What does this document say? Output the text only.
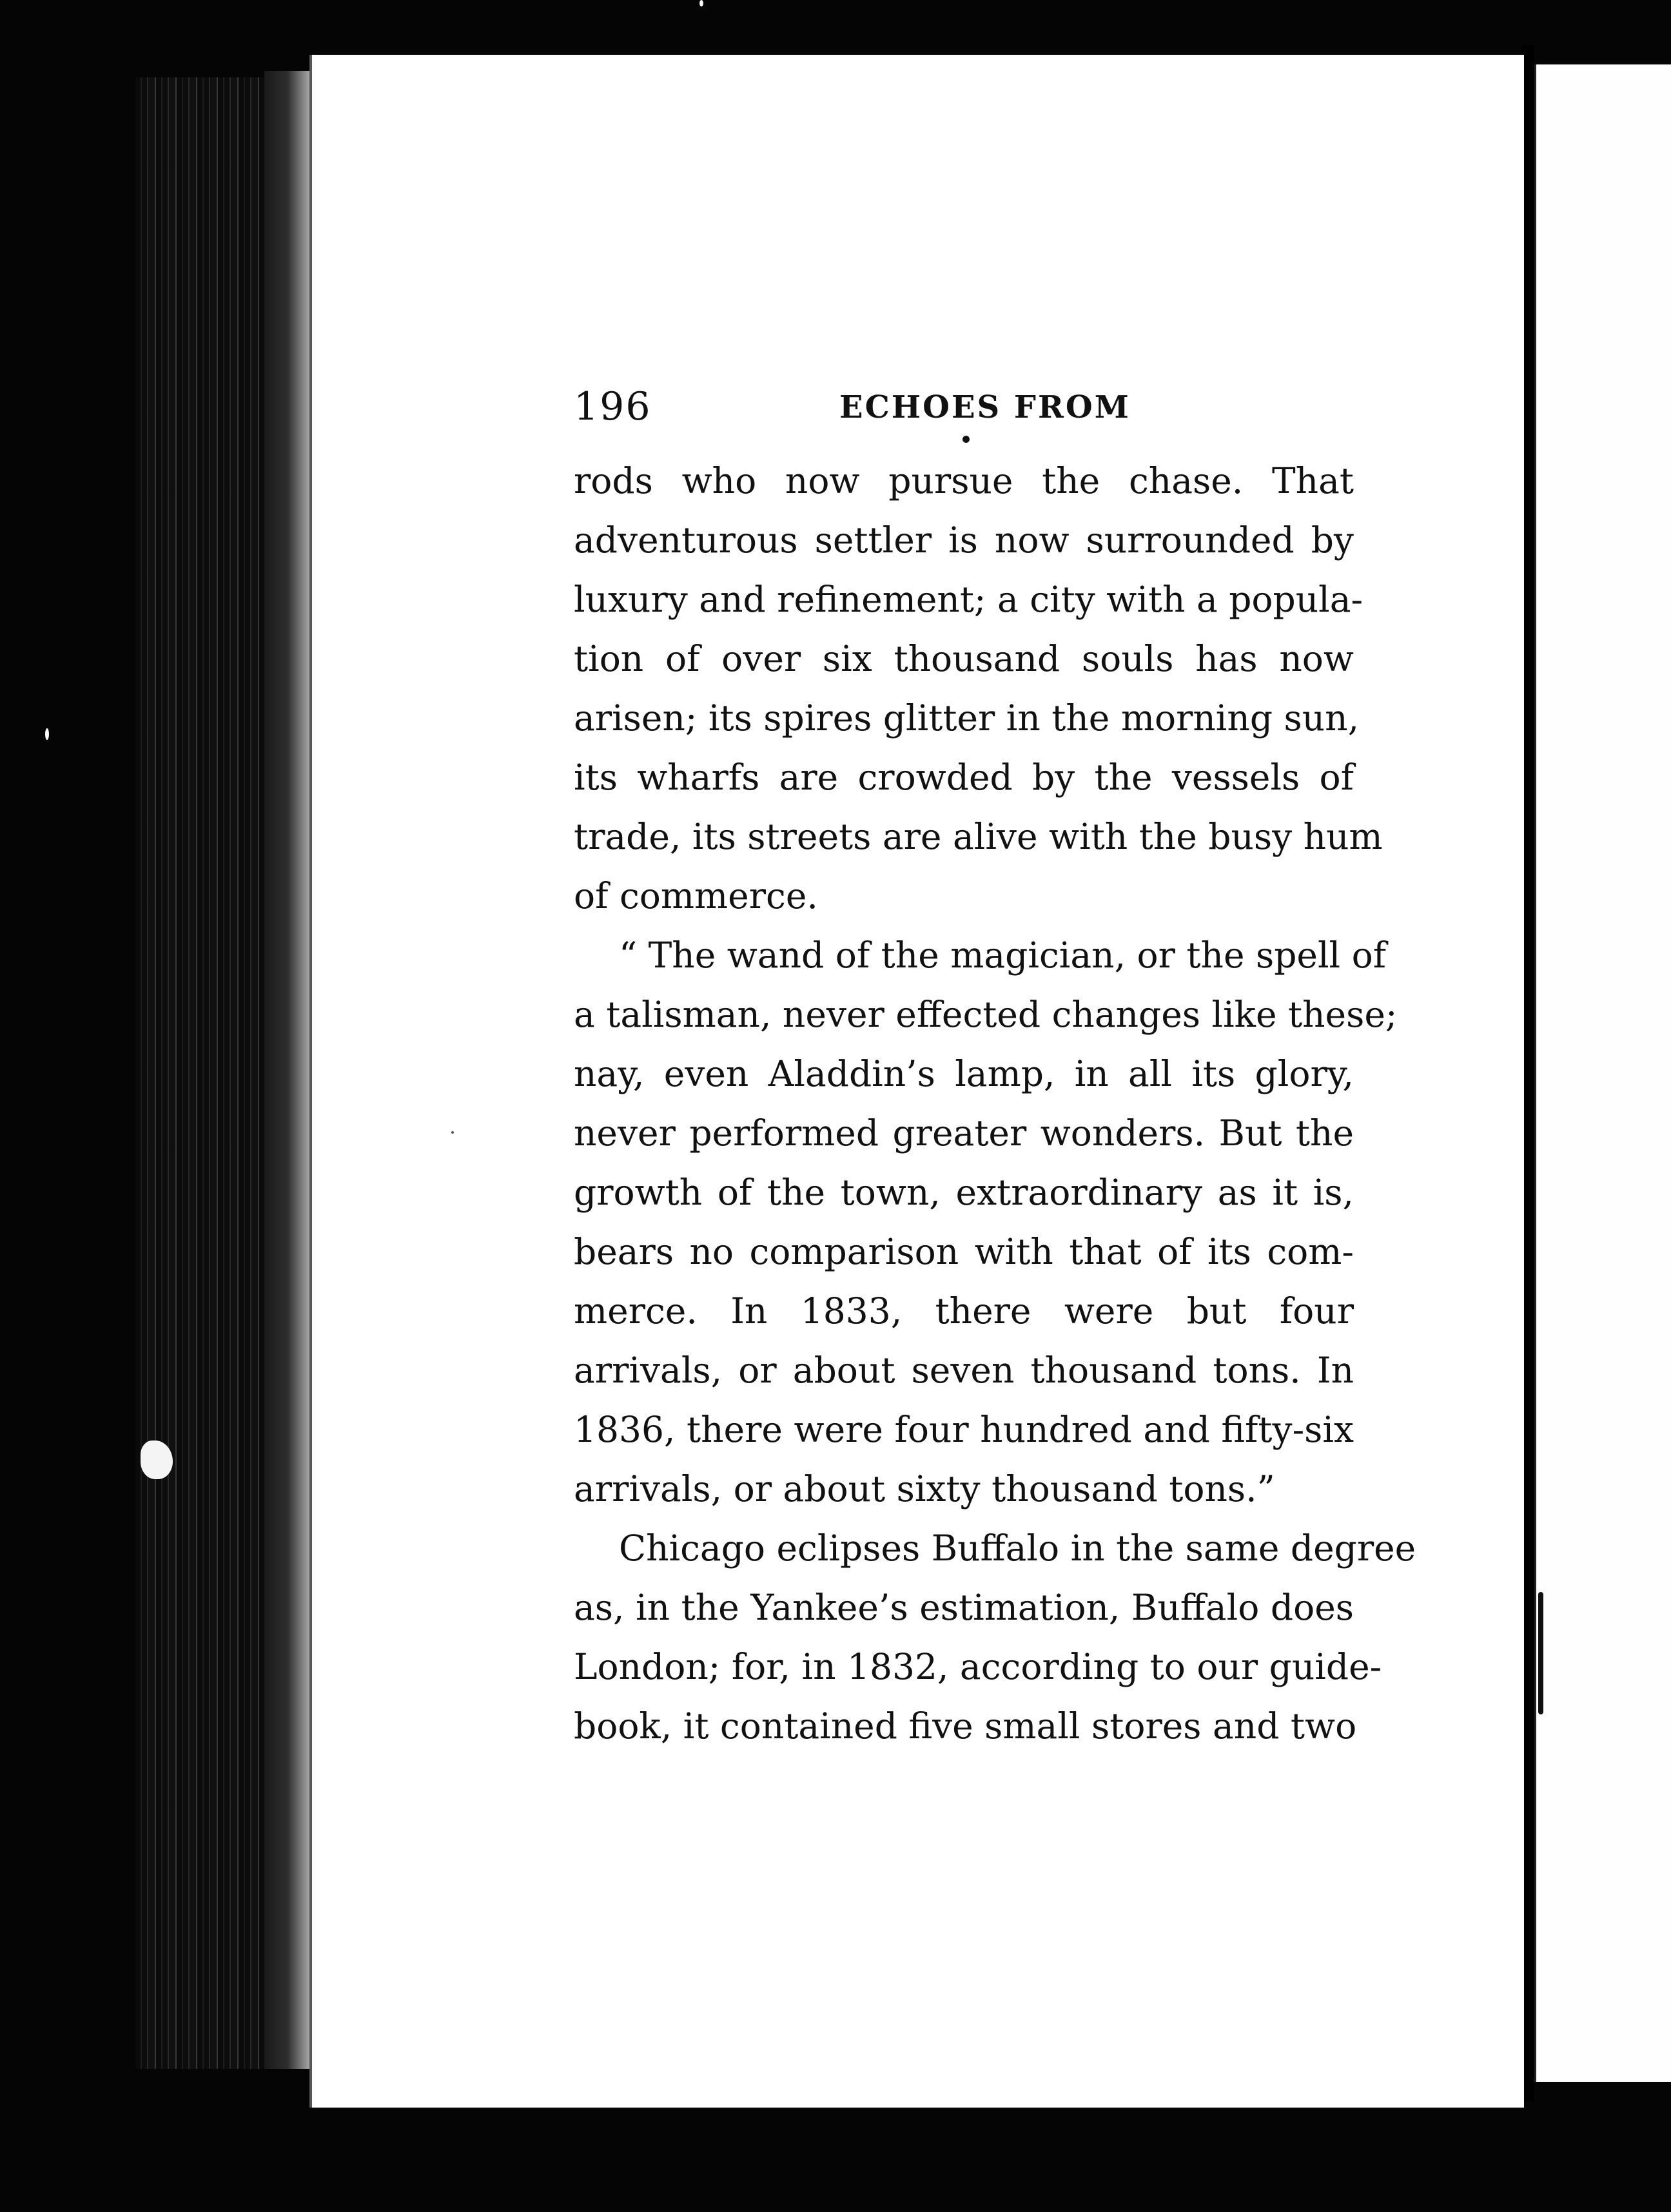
196	ECHOES FROM
rods who now pursue the chase. That
adventurous settler is now surrounded by
luxury and refinement; a city with a popula-
tion of over six thousand souls has now
arisen; its spires glitter in the morning sun,
its wharfs are crowded by the vessels of
trade, its streets are alive with the busy hum
of commerce.
“ The wand of the magician, or the spell of
a talisman, never effected changes like these;
nay, even Aladdin’s lamp, in all its glory,
never performed greater wonders. But the
growth of the town, extraordinary as it is,
bears no comparison with that of its com-
merce. In 1833, there were but four
arrivals, or about seven thousand tons. In
1836, there were four hundred and fifty-six
arrivals, or about sixty thousand tons.”
Chicago eclipses Buffalo in the same degree
as, in the Yankee’s estimation, Buffalo does
London; for, in 1832, according to our guide-
book, it contained five small stores and two
